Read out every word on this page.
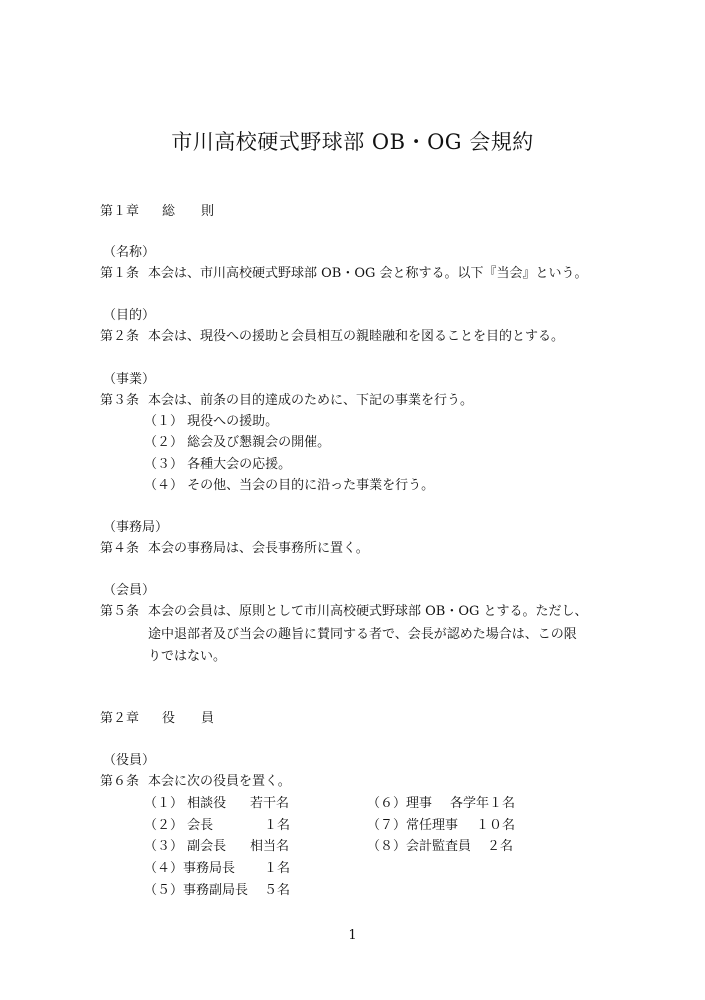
市川高校硬式野球部 OB・OG 会規約
第１章 総　　則
（名称）
第１条 本会は、市川高校硬式野球部 OB・OG 会と称する。以下『当会』という。
（目的）
第２条 本会は、現役への援助と会員相互の親睦融和を図ることを目的とする。
（事業）
第３条 本会は、前条の目的達成のために、下記の事業を行う。
（１） 現役への援助。
（２） 総会及び懇親会の開催。
（３） 各種大会の応援。
（４） その他、当会の目的に沿った事業を行う。
（事務局）
第４条 本会の事務局は、会長事務所に置く。
（会員）
第５条 本会の会員は、原則として市川高校硬式野球部 OB・OG とする。ただし、
途中退部者及び当会の趣旨に賛同する者で、会長が認めた場合は、この限
りではない。
第２章 役　　員
（役員）
第６条 本会に次の役員を置く。
（１） 相談役 若干名
（２） 会長	１名
（３） 副会長 相当名
（４）事務局長 １名
（５）事務副局長 ５名
（６）理事 各学年１名
（７）常任理事 １０名
（８）会計監査員 ２名
1
